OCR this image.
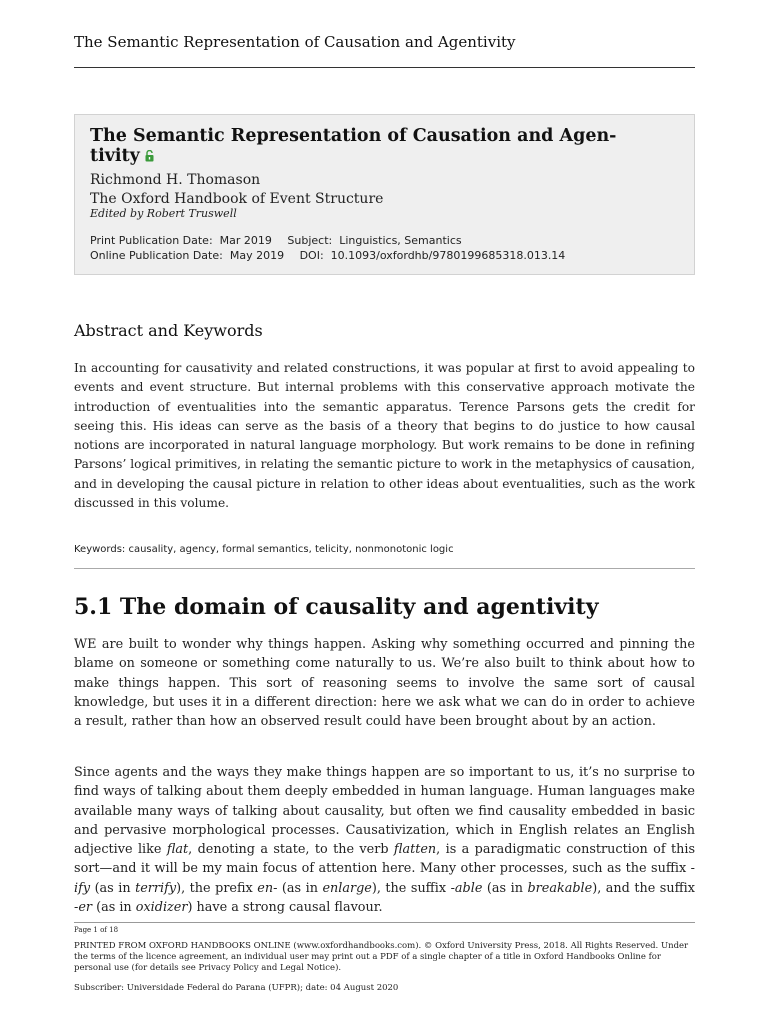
The Semantic Representation of Causation and Agentivity
The Semantic Representation of Causation and Agen-
tivity
Richmond H. Thomason
The Oxford Handbook of Event Structure
Edited by Robert Truswell
Print Publication Date: Mar 2019 Subject: Linguistics, Semantics
Online Publication Date: May 2019 DOI: 10.1093/oxfordhb/9780199685318.013.14
Abstract and Keywords
In accounting for causativity and related constructions, it was popular at first to avoid appealing to events and event structure. But internal problems with this conservative approach motivate the introduction of eventualities into the semantic apparatus. Terence Parsons gets the credit for seeing this. His ideas can serve as the basis of a theory that begins to do justice to how causal notions are incorporated in natural language morphology. But work remains to be done in refining Parsons’ logical primitives, in relating the semantic picture to work in the metaphysics of causation, and in developing the causal picture in relation to other ideas about eventualities, such as the work discussed in this volume.
Keywords: causality, agency, formal semantics, telicity, nonmonotonic logic
5.1 The domain of causality and agentivity
WE are built to wonder why things happen. Asking why something occurred and pinning the blame on someone or something come naturally to us. We’re also built to think about how to make things happen. This sort of reasoning seems to involve the same sort of causal knowledge, but uses it in a different direction: here we ask what we can do in order to achieve a result, rather than how an observed result could have been brought about by an action.
Since agents and the ways they make things happen are so important to us, it’s no surprise to find ways of talking about them deeply embedded in human language. Human languages make available many ways of talking about causality, but often we find causality embedded in basic and pervasive morphological processes. Causativization, which in English relates an English adjective like flat, denoting a state, to the verb flatten, is a paradigmatic construction of this sort—and it will be my main focus of attention here. Many other processes, such as the suffix -ify (as in terrify), the prefix en- (as in enlarge), the suffix -able (as in breakable), and the suffix -er (as in oxidizer) have a strong causal flavour.
Page 1 of 18
PRINTED FROM OXFORD HANDBOOKS ONLINE (www.oxfordhandbooks.com). © Oxford University Press, 2018. All Rights Reserved. Under the terms of the licence agreement, an individual user may print out a PDF of a single chapter of a title in Oxford Handbooks Online for personal use (for details see Privacy Policy and Legal Notice).
Subscriber: Universidade Federal do Parana (UFPR); date: 04 August 2020
